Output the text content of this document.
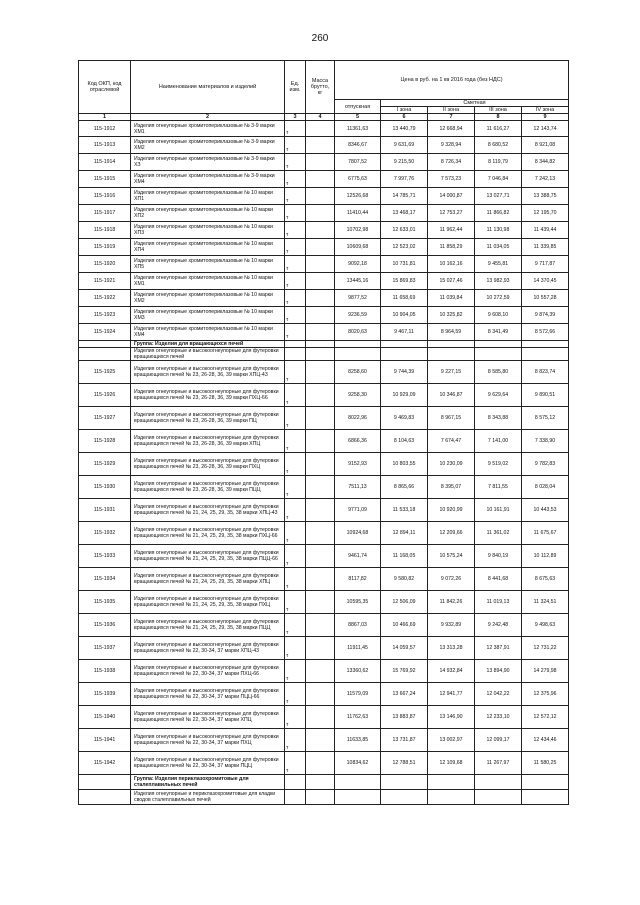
260
Код ОКП, код отраслевой	Наименование материалов и изделий	Ед. изм.	Масса брутто, кг	Цена в руб. на 1 кв 2016 года (без НДС)				
				отпускная	Сметная			
					I зона	II зона	III зона	IV зона
1	2	3	4	5	6	7	8	9
115-1912	Изделия огнеупорные хромитопериклазовые № 3-9 марки ХМ1	т		11361,63	13 440,79	12 668,94	11 616,27	12 143,74
115-1913	Изделия огнеупорные хромитопериклазовые № 3-9 марки ХМ2	т		8346,67	9 631,69	9 328,94	8 680,52	8 921,08
115-1914	Изделия огнеупорные хромитопериклазовые № 3-9 марки ХЗ	т		7807,52	9 215,50	8 726,34	8 119,79	8 344,82
115-1915	Изделия огнеупорные хромитопериклазовые № 3-9 марки ХМ4	т		6775,63	7 997,76	7 573,23	7 046,84	7 242,13
115-1916	Изделия огнеупорные хромитопериклазовые № 10 марки ХП1	т		12526,68	14 785,71	14 000,87	13 027,71	13 388,75
115-1917	Изделия огнеупорные хромитопериклазовые № 10 марки ХП2	т		11410,44	13 468,17	12 753,27	11 866,82	12 195,70
115-1918	Изделия огнеупорные хромитопериклазовые № 10 марки ХП3	т		10702,98	12 633,01	11 962,44	11 130,98	11 439,44
115-1919	Изделия огнеупорные хромитопериклазовые № 10 марки ХП4	т		10609,68	12 523,02	11 858,29	11 034,05	11 339,85
115-1920	Изделия огнеупорные хромитопериклазовые № 10 марки ХП5	т		9092,18	10 731,81	10 162,16	9 455,81	9 717,87
115-1921	Изделия огнеупорные хромитопериклазовые № 10 марки ХМ1	т		13445,16	15 869,83	15 027,46	13 982,93	14 370,45
115-1922	Изделия огнеупорные хромитопериклазовые № 10 марки ХМ2	т		9877,52	11 658,69	11 039,84	10 272,59	10 557,28
115-1923	Изделия огнеупорные хромитопериклазовые № 10 марки ХМ3	т		9236,59	10 904,05	10 325,82	9 608,10	9 874,39
115-1924	Изделия огнеупорные хромитопериклазовые № 10 марки ХМ4	т		8020,63	9 467,11	8 964,59	8 341,49	8 572,66
	Группа: Изделия для вращающихся печей							
	Изделия огнеупорные и высокоогнеупорные для футеровки вращающихся печей							
115-1925	Изделия огнеупорные и высокоогнеупорные для футеровки вращающихся печей № 23, 26-28, 36, 39 марки ХПЦ-43	т		8258,60	9 744,39	9 227,15	8 585,80	8 823,74
115-1926	Изделия огнеупорные и высокоогнеупорные для футеровки вращающихся печей № 23, 26-28, 36, 39 марки ПХЦ-66	т		9258,30	10 929,09	10 346,87	9 629,64	9 890,51
115-1927	Изделия огнеупорные и высокоогнеупорные для футеровки вращающихся печей № 23, 26-28, 36, 39 марки ПЦ	т		8022,96	9 469,83	8 967,15	8 343,88	8 575,12
115-1928	Изделия огнеупорные и высокоогнеупорные для футеровки вращающихся печей № 23, 26-28, 36, 39 марки ХПЦ	т		6866,36	8 104,63	7 674,47	7 141,00	7 338,90
115-1929	Изделия огнеупорные и высокоогнеупорные для футеровки вращающихся печей № 23, 26-28, 36, 39 марки ПХЦ	т		9152,93	10 803,55	10 230,09	9 519,02	9 782,83
115-1930	Изделия огнеупорные и высокоогнеупорные для футеровки вращающихся печей № 23, 26-28, 36, 39 марки ПЦЦ	т		7511,13	8 865,66	8 395,07	7 811,55	8 028,04
115-1931	Изделия огнеупорные и высокоогнеупорные для футеровки вращающихся печей № 21, 24, 25, 29, 35, 38 марки ХПЦ-43	т		9771,09	11 533,18	10 920,99	10 161,91	10 443,53
115-1932	Изделия огнеупорные и высокоогнеупорные для футеровки вращающихся печей № 21, 24, 25, 29, 35, 38 марки ПХЦ-66	т		10924,68	12 894,11	12 209,66	11 361,02	11 675,67
115-1933	Изделия огнеупорные и высокоогнеупорные для футеровки вращающихся печей № 21, 24, 25, 29, 35, 38 марки ПЦЦ-66	т		9461,74	11 168,05	10 575,24	9 840,19	10 112,89
115-1934	Изделия огнеупорные и высокоогнеупорные для футеровки вращающихся печей № 21, 24, 25, 29, 35, 38 марки ХПЦ	т		8117,82	9 580,82	9 072,26	8 441,68	8 675,63
115-1935	Изделия огнеупорные и высокоогнеупорные для футеровки вращающихся печей № 21, 24, 25, 29, 35, 38 марки ПХЦ	т		10595,35	12 506,09	11 842,26	11 019,13	11 324,51
115-1936	Изделия огнеупорные и высокоогнеупорные для футеровки вращающихся печей № 21, 24, 25, 29, 35, 38 марки ПЦЦ	т		8867,03	10 466,69	9 932,89	9 242,48	9 498,63
115-1937	Изделия огнеупорные и высокоогнеупорные для футеровки вращающихся печей № 22, 30-34, 37 марки ХПЦ-43	т		11911,45	14 059,57	13 313,28	12 387,91	12 731,22
115-1938	Изделия огнеупорные и высокоогнеупорные для футеровки вращающихся печей № 22, 30-34, 37 марки ПХЦ-66	т		13360,62	15 769,92	14 932,84	13 894,90	14 279,98
115-1939	Изделия огнеупорные и высокоогнеупорные для футеровки вращающихся печей № 22, 30-34, 37 марки ПЦЦ-66	т		11579,09	13 667,24	12 941,77	12 042,22	12 375,96
115-1940	Изделия огнеупорные и высокоогнеупорные для футеровки вращающихся печей № 22, 30-34, 37 марки ХПЦ	т		11762,63	13 883,87	13 146,90	12 233,10	12 572,12
115-1941	Изделия огнеупорные и высокоогнеупорные для футеровки вращающихся печей № 22, 30-34, 37 марки ПХЦ	т		11633,85	13 731,87	13 002,97	12 099,17	12 434,46
115-1942	Изделия огнеупорные и высокоогнеупорные для футеровки вращающихся печей № 22, 30-34, 37 марки ПЦЦ	т		10834,62	12 788,51	12 109,68	11 267,97	11 580,25
	Группа: Изделия периклазохромитовые для сталеплавильных печей							
	Изделия огнеупорные и периклазохромитовые для кладки сводов сталеплавильных печей							
